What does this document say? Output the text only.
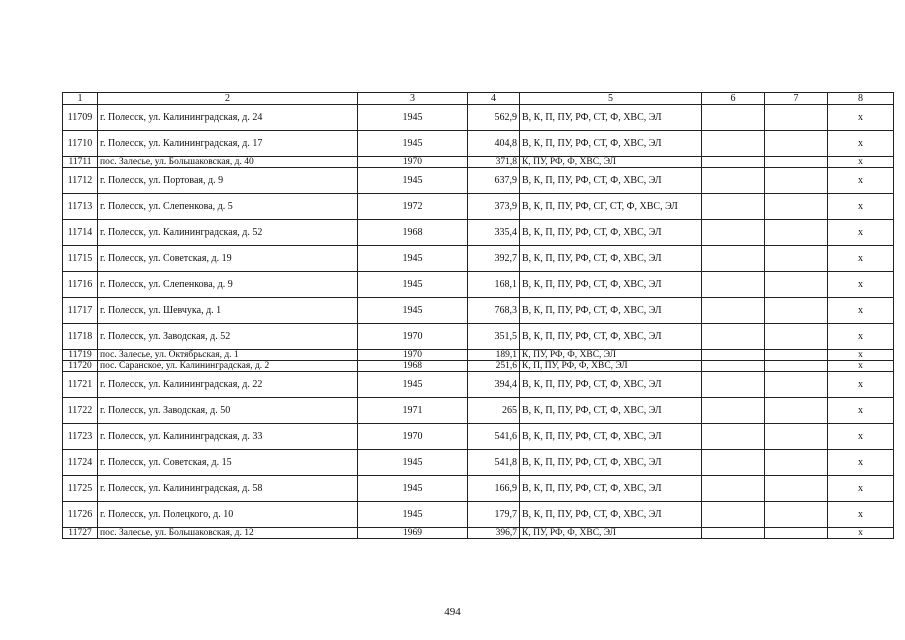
1	2	3	4	5	6	7	8
11709	г. Полесск, ул. Калининградская, д. 24	1945	562,9	В, К, П, ПУ, РФ, СТ, Ф, ХВС, ЭЛ			x
11710	г. Полесск, ул. Калининградская, д. 17	1945	404,8	В, К, П, ПУ, РФ, СТ, Ф, ХВС, ЭЛ			x
11711	пос. Залесье, ул. Большаковская, д. 40	1970	371,8	К, ПУ, РФ, Ф, ХВС, ЭЛ			x
11712	г. Полесск, ул. Портовая, д. 9	1945	637,9	В, К, П, ПУ, РФ, СТ, Ф, ХВС, ЭЛ			x
11713	г. Полесск, ул. Слепенкова, д. 5	1972	373,9	В, К, П, ПУ, РФ, СГ, СТ, Ф, ХВС, ЭЛ			x
11714	г. Полесск, ул. Калининградская, д. 52	1968	335,4	В, К, П, ПУ, РФ, СТ, Ф, ХВС, ЭЛ			x
11715	г. Полесск, ул. Советская, д. 19	1945	392,7	В, К, П, ПУ, РФ, СТ, Ф, ХВС, ЭЛ			x
11716	г. Полесск, ул. Слепенкова, д. 9	1945	168,1	В, К, П, ПУ, РФ, СТ, Ф, ХВС, ЭЛ			x
11717	г. Полесск, ул. Шевчука, д. 1	1945	768,3	В, К, П, ПУ, РФ, СТ, Ф, ХВС, ЭЛ			x
11718	г. Полесск, ул. Заводская, д. 52	1970	351,5	В, К, П, ПУ, РФ, СТ, Ф, ХВС, ЭЛ			x
11719	пос. Залесье, ул. Октябрьская, д. 1	1970	189,1	К, ПУ, РФ, Ф, ХВС, ЭЛ			x
11720	пос. Саранское, ул. Калининградская, д. 2	1968	251,6	К, П, ПУ, РФ, Ф, ХВС, ЭЛ			x
11721	г. Полесск, ул. Калининградская, д. 22	1945	394,4	В, К, П, ПУ, РФ, СТ, Ф, ХВС, ЭЛ			x
11722	г. Полесск, ул. Заводская, д. 50	1971	265	В, К, П, ПУ, РФ, СТ, Ф, ХВС, ЭЛ			x
11723	г. Полесск, ул. Калининградская, д. 33	1970	541,6	В, К, П, ПУ, РФ, СТ, Ф, ХВС, ЭЛ			x
11724	г. Полесск, ул. Советская, д. 15	1945	541,8	В, К, П, ПУ, РФ, СТ, Ф, ХВС, ЭЛ			x
11725	г. Полесск, ул. Калининградская, д. 58	1945	166,9	В, К, П, ПУ, РФ, СТ, Ф, ХВС, ЭЛ			x
11726	г. Полесск, ул. Полецкого, д. 10	1945	179,7	В, К, П, ПУ, РФ, СТ, Ф, ХВС, ЭЛ			x
11727	пос. Залесье, ул. Большаковская, д. 12	1969	396,7	К, ПУ, РФ, Ф, ХВС, ЭЛ			x
494
